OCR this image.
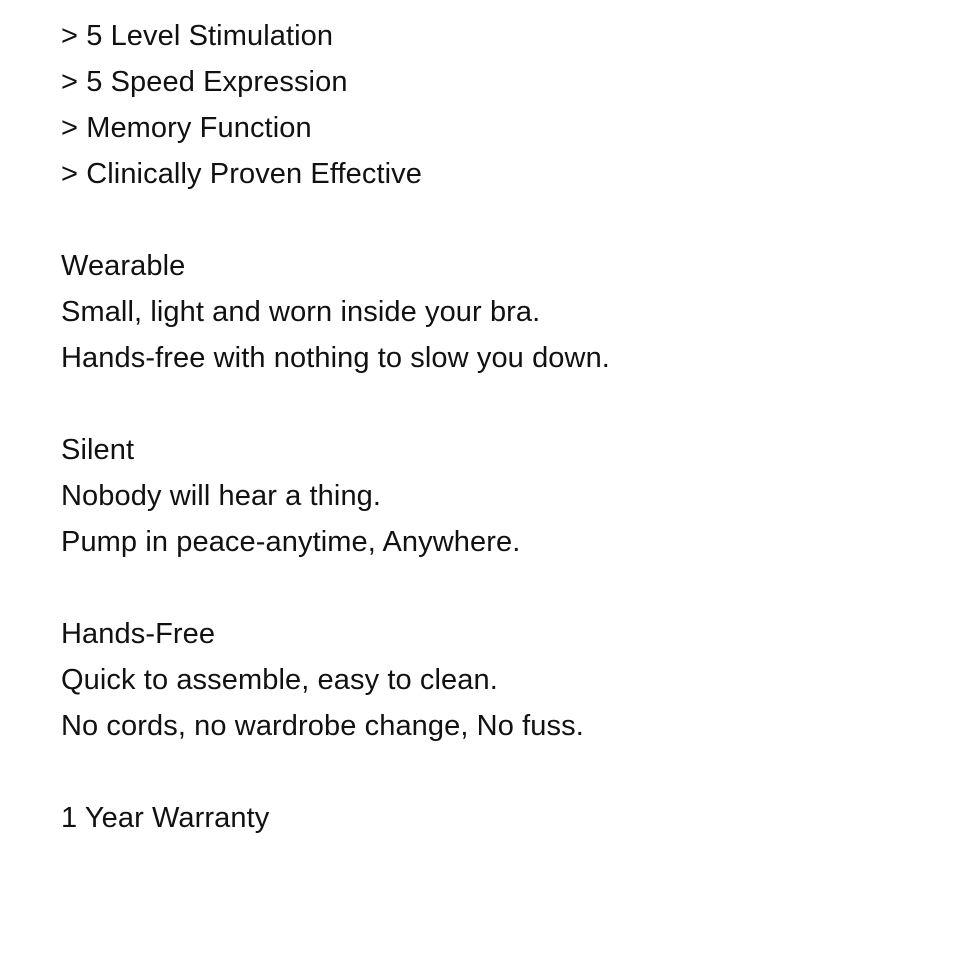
> 5 Level Stimulation
> 5 Speed Expression
> Memory Function
> Clinically Proven Effective
Wearable
Small, light and worn inside your bra.
Hands-free with nothing to slow you down.
Silent
Nobody will hear a thing.
Pump in peace-anytime, Anywhere.
Hands-Free
Quick to assemble, easy to clean.
No cords, no wardrobe change, No fuss.
1 Year Warranty
